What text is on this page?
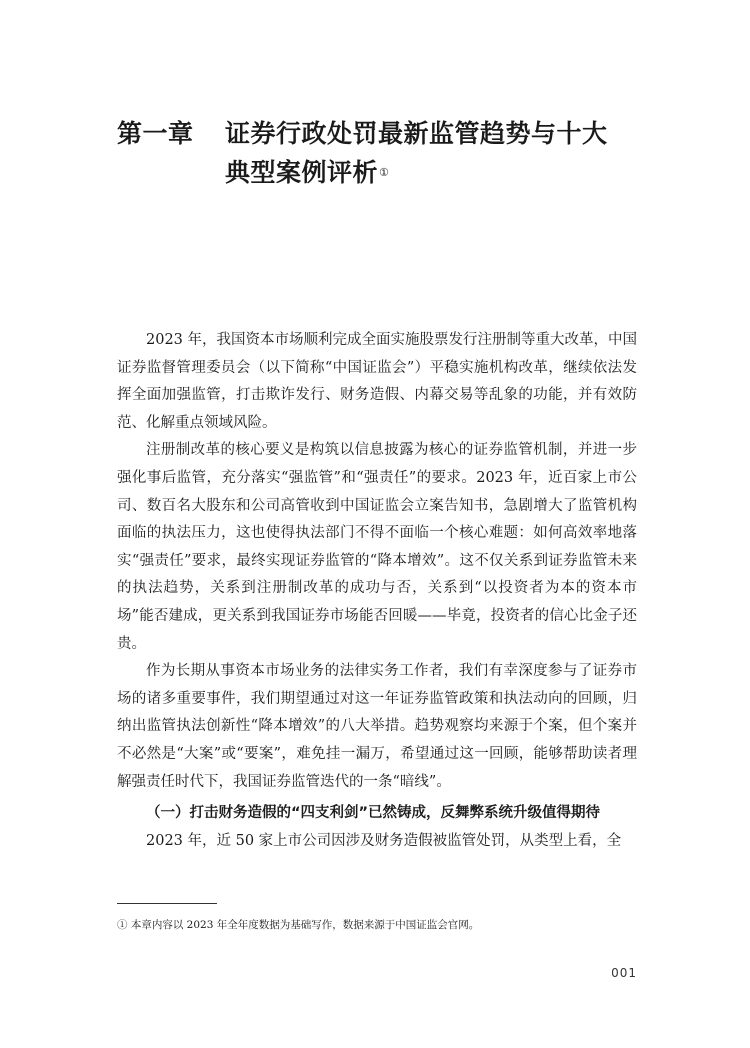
第一章	证券行政处罚最新监管趋势与十大
典型案例评析 ①

2023 年，我国资本市场顺利完成全面实施股票发行注册制等重大改革，中国证券监督管理委员会（以下简称“中国证监会”）平稳实施机构改革，继续依法发挥全面加强监管，打击欺诈发行、财务造假、内幕交易等乱象的功能，并有效防范、化解重点领域风险。

注册制改革的核心要义是构筑以信息披露为核心的证券监管机制，并进一步强化事后监管，充分落实“强监管”和“强责任”的要求。2023 年，近百家上市公司、数百名大股东和公司高管收到中国证监会立案告知书，急剧增大了监管机构面临的执法压力，这也使得执法部门不得不面临一个核心难题：如何高效率地落实“强责任”要求，最终实现证券监管的“降本增效”。这不仅关系到证券监管未来的执法趋势，关系到注册制改革的成功与否，关系到“以投资者为本的资本市场”能否建成，更关系到我国证券市场能否回暖——毕竟，投资者的信心比金子还贵。

作为长期从事资本市场业务的法律实务工作者，我们有幸深度参与了证券市场的诸多重要事件，我们期望通过对这一年证券监管政策和执法动向的回顾，归纳出监管执法创新性“降本增效”的八大举措。趋势观察均来源于个案，但个案并不必然是“大案”或“要案”，难免挂一漏万，希望通过这一回顾，能够帮助读者理解强责任时代下，我国证券监管迭代的一条“暗线”。

（一）打击财务造假的“四支利剑”已然铸成，反舞弊系统升级值得期待

2023 年，近 50 家上市公司因涉及财务造假被监管处罚，从类型上看，全

① 本章内容以 2023 年全年度数据为基础写作，数据来源于中国证监会官网。
001
